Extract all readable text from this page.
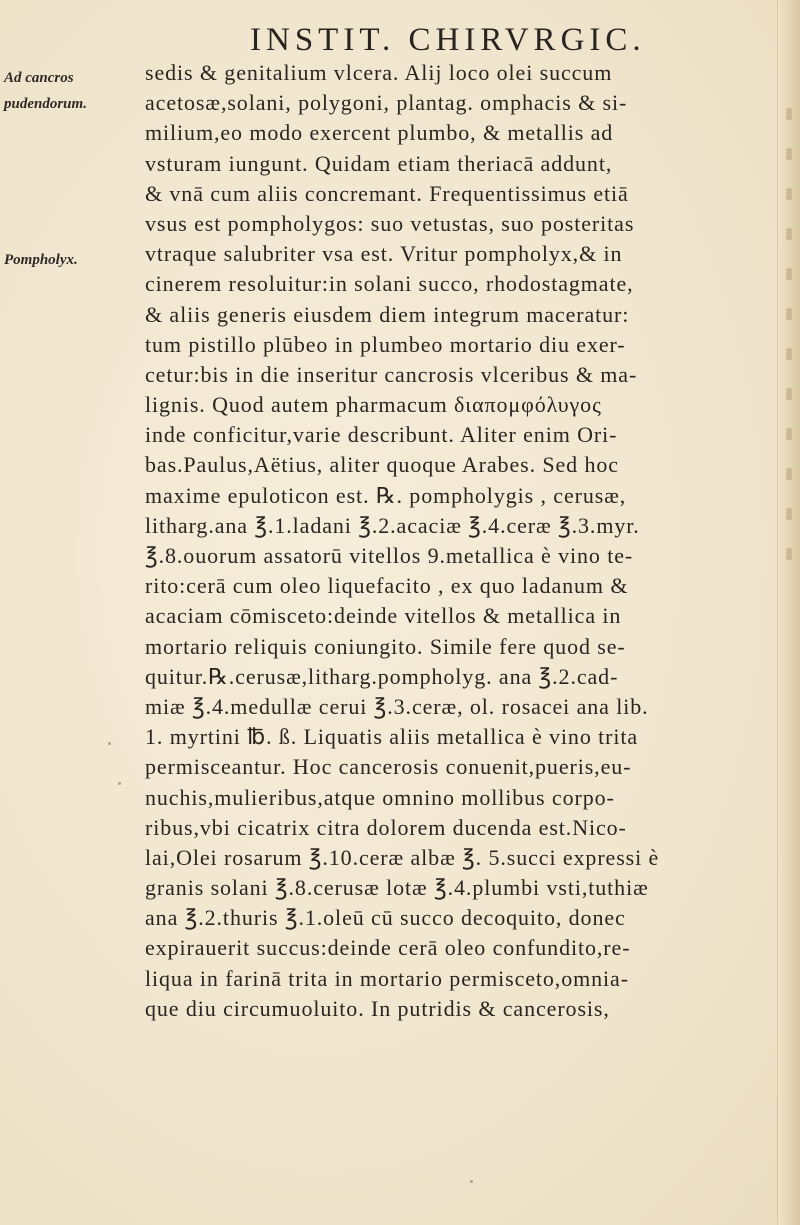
INSTIT. CHIRVRGIC.
Ad cancros
pudendorum.
Pompholyx.
sedis & genitalium vlcera. Alij loco olei succum
acetosæ,solani, polygoni, plantag. omphacis & si-
milium,eo modo exercent plumbo, & metallis ad
vsturam iungunt. Quidam etiam theriacā addunt,
& vnā cum aliis concremant. Frequentissimus etiā
vsus est pompholygos: suo vetustas, suo posteritas
vtraque salubriter vsa est. Vritur pompholyx,& in
cinerem resoluitur:in solani succo, rhodostagmate,
& aliis generis eiusdem diem integrum maceratur:
tum pistillo plūbeo in plumbeo mortario diu exer-
cetur:bis in die inseritur cancrosis vlceribus & ma-
lignis. Quod autem pharmacum διαπομφόλυγος
inde conficitur,varie describunt. Aliter enim Ori-
bas.Paulus,Aëtius, aliter quoque Arabes. Sed hoc
maxime epuloticon est. ℞. pompholygis , cerusæ,
litharg.ana ℥.1.ladani ℥.2.acaciæ ℥.4.ceræ ℥.3.myr.
℥.8.ouorum assatorū vitellos 9.metallica è vino te-
rito:cerā cum oleo liquefacito , ex quo ladanum &
acaciam cōmisceto:deinde vitellos & metallica in
mortario reliquis coniungito. Simile fere quod se-
quitur.℞.cerusæ,litharg.pompholyg. ana ℥.2.cad-
miæ ℥.4.medullæ cerui ℥.3.ceræ, ol. rosacei ana lib.
1. myrtini ℔. ß. Liquatis aliis metallica è vino trita
permisceantur. Hoc cancerosis conuenit,pueris,eu-
nuchis,mulieribus,atque omnino mollibus corpo-
ribus,vbi cicatrix citra dolorem ducenda est.Nico-
lai,Olei rosarum ℥.10.ceræ albæ ℥. 5.succi expressi è
granis solani ℥.8.cerusæ lotæ ℥.4.plumbi vsti,tuthiæ
ana ℥.2.thuris ℥.1.oleū cū succo decoquito, donec
expirauerit succus:deinde cerā oleo confundito,re-
liqua in farinā trita in mortario permisceto,omnia-
que diu circumuoluito. In putridis & cancerosis,
